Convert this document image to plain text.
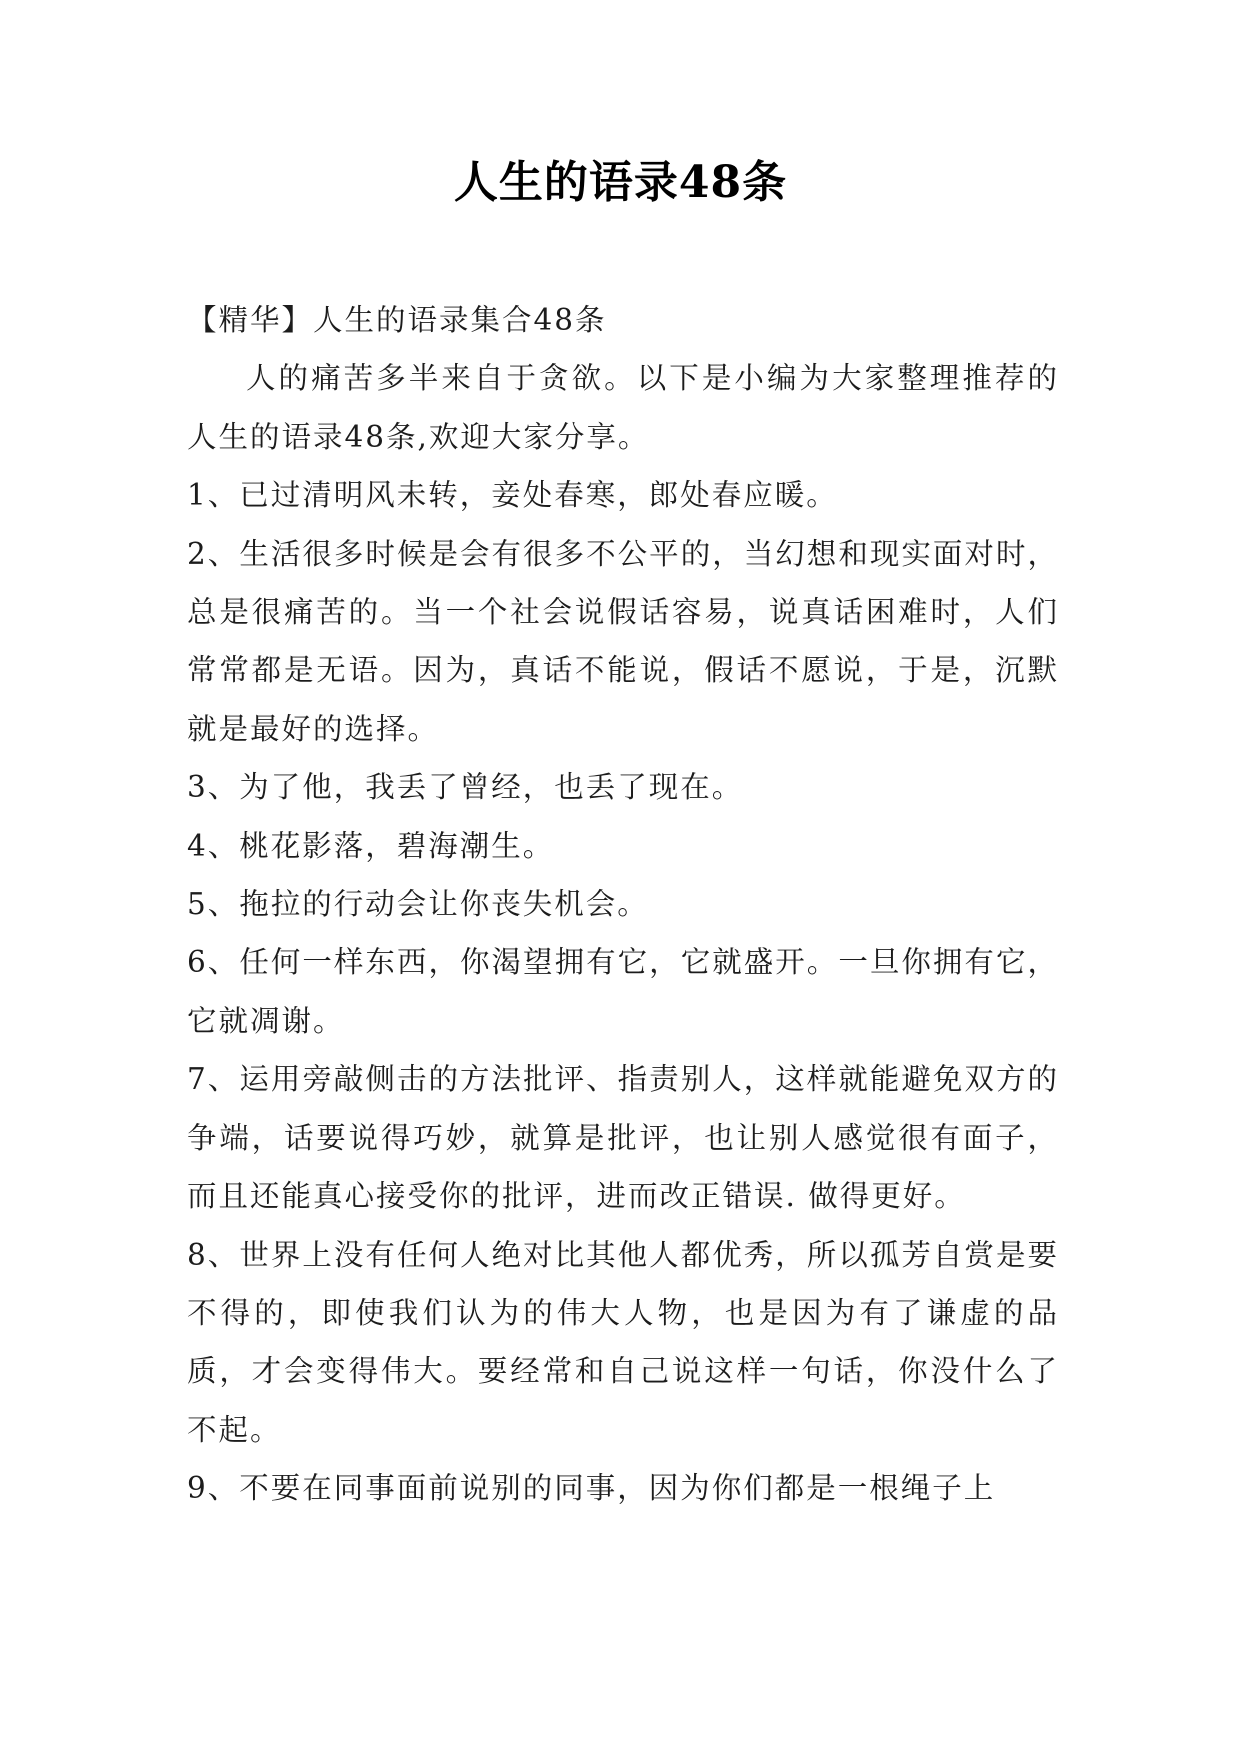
人生的语录48条

【精华】人生的语录集合48条

人的痛苦多半来自于贪欲。以下是小编为大家整理推荐的人生的语录48条,欢迎大家分享。

1、已过清明风未转，妾处春寒，郎处春应暖。

2、生活很多时候是会有很多不公平的，当幻想和现实面对时，总是很痛苦的。当一个社会说假话容易，说真话困难时，人们常常都是无语。因为，真话不能说，假话不愿说，于是，沉默就是最好的选择。

3、为了他，我丢了曾经，也丢了现在。

4、桃花影落，碧海潮生。

5、拖拉的行动会让你丧失机会。

6、任何一样东西，你渴望拥有它，它就盛开。一旦你拥有它，它就凋谢。

7、运用旁敲侧击的方法批评、指责别人，这样就能避免双方的争端，话要说得巧妙，就算是批评，也让别人感觉很有面子，而且还能真心接受你的批评，进而改正错误. 做得更好。

8、世界上没有任何人绝对比其他人都优秀，所以孤芳自赏是要不得的，即使我们认为的伟大人物，也是因为有了谦虚的品质，才会变得伟大。要经常和自己说这样一句话，你没什么了不起。

9、不要在同事面前说别的同事，因为你们都是一根绳子上
